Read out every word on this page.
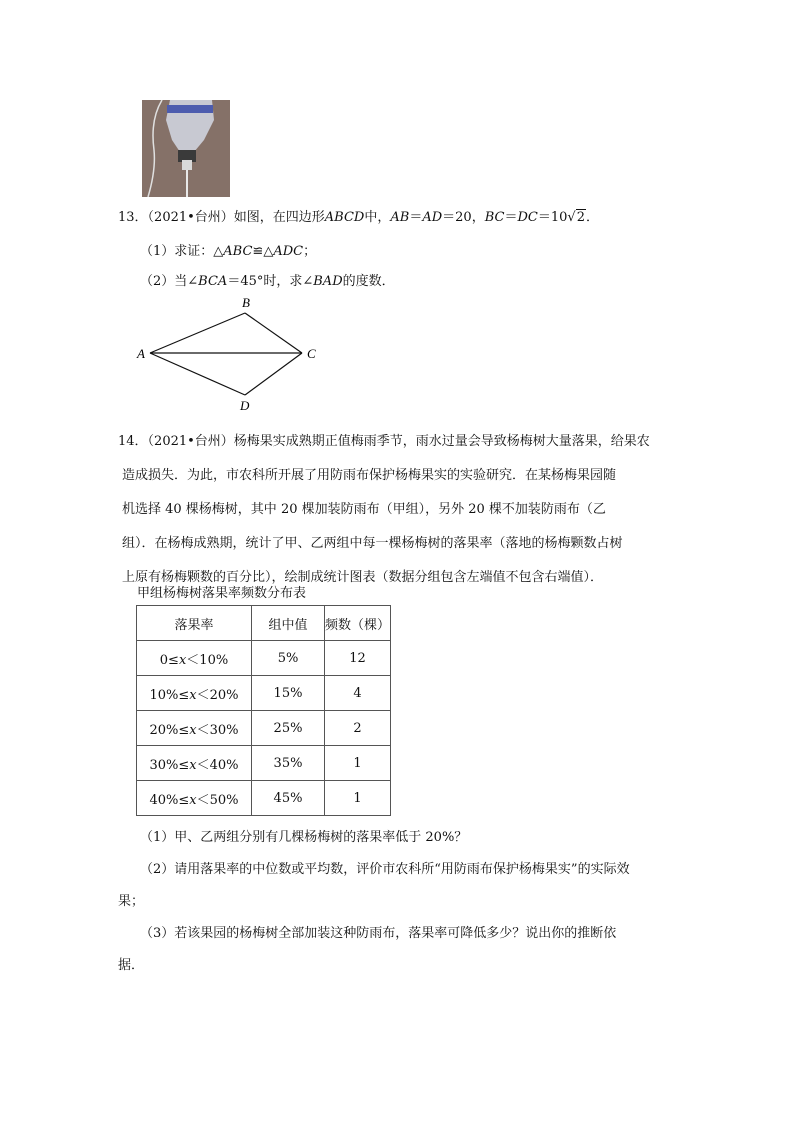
13．（2021•台州）如图，在四边形ABCD中，AB＝AD＝20，BC＝DC＝10√2．
（1）求证：△ABC≌△ADC；
（2）当∠BCA＝45°时，求∠BAD的度数．
A
B
C
D
14．（2021•台州）杨梅果实成熟期正值梅雨季节，雨水过量会导致杨梅树大量落果，给果农
造成损失．为此，市农科所开展了用防雨布保护杨梅果实的实验研究．在某杨梅果园随
机选择 40 棵杨梅树，其中 20 棵加装防雨布（甲组），另外 20 棵不加装防雨布（乙
组）．在杨梅成熟期，统计了甲、乙两组中每一棵杨梅树的落果率（落地的杨梅颗数占树
上原有杨梅颗数的百分比），绘制成统计图表（数据分组包含左端值不包含右端值）．
甲组杨梅树落果率频数分布表
落果率	组中值	频数（棵）
0≤x＜10%	5%	12
10%≤x＜20%	15%	4
20%≤x＜30%	25%	2
30%≤x＜40%	35%	1
40%≤x＜50%	45%	1
（1）甲、乙两组分别有几棵杨梅树的落果率低于 20%？
（2）请用落果率的中位数或平均数，评价市农科所“用防雨布保护杨梅果实”的实际效
果；
（3）若该果园的杨梅树全部加装这种防雨布，落果率可降低多少？说出你的推断依
据．
